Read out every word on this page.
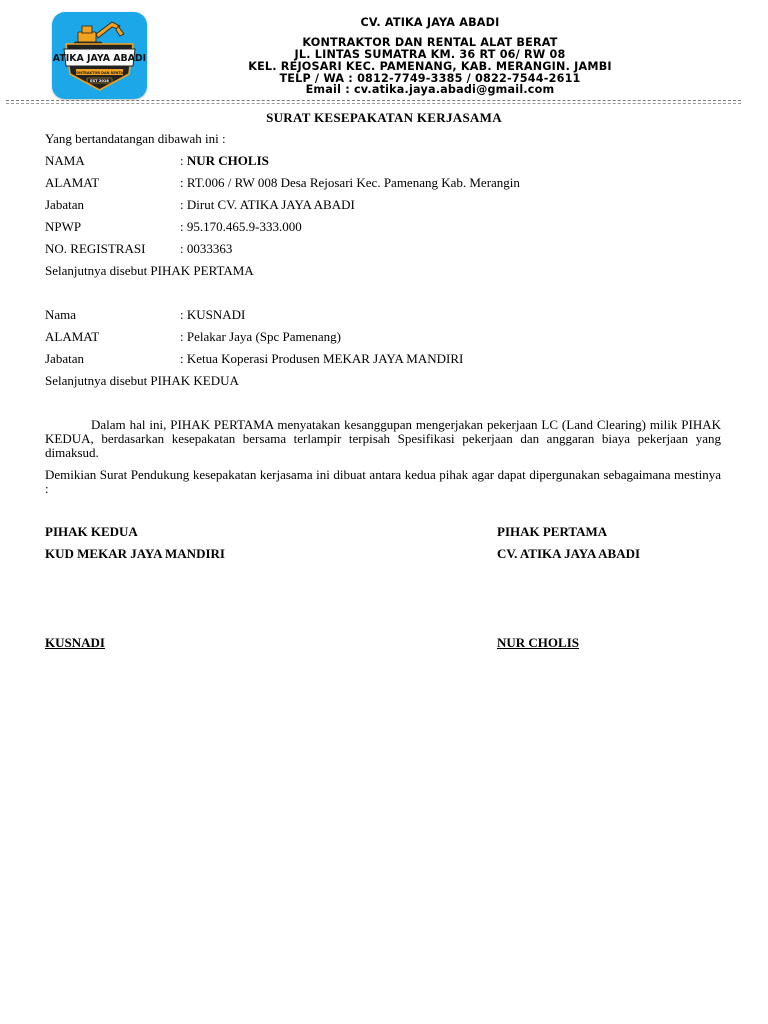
ATIKA JAYA ABADI
KONTRAKTOR DAN RENTAL
EST 2018
CV. ATIKA JAYA ABADI
KONTRAKTOR DAN RENTAL ALAT BERAT
JL. LINTAS SUMATRA KM. 36 RT 06/ RW 08
KEL. REJOSARI KEC. PAMENANG, KAB. MERANGIN. JAMBI
TELP / WA : 0812-7749-3385 / 0822-7544-2611
Email : cv.atika.jaya.abadi@gmail.com
SURAT KESEPAKATAN KERJASAMA
Yang bertandatangan dibawah ini :
NAMA	: NUR CHOLIS
ALAMAT	: RT.006 / RW 008 Desa Rejosari Kec. Pamenang Kab. Merangin
Jabatan	: Dirut CV. ATIKA JAYA ABADI
NPWP	: 95.170.465.9-333.000
NO. REGISTRASI	: 0033363
Selanjutnya disebut PIHAK PERTAMA
Nama	: KUSNADI
ALAMAT	: Pelakar Jaya (Spc Pamenang)
Jabatan	: Ketua Koperasi Produsen MEKAR JAYA MANDIRI
Selanjutnya disebut PIHAK KEDUA
Dalam hal ini, PIHAK PERTAMA menyatakan kesanggupan mengerjakan pekerjaan LC (Land Clearing) milik PIHAK KEDUA, berdasarkan kesepakatan bersama terlampir terpisah Spesifikasi pekerjaan dan anggaran biaya pekerjaan yang dimaksud.
Demikian Surat Pendukung kesepakatan kerjasama ini dibuat antara kedua pihak agar dapat dipergunakan sebagaimana mestinya :
PIHAK KEDUA	PIHAK PERTAMA
KUD MEKAR JAYA MANDIRI	CV. ATIKA JAYA ABADI
KUSNADI	NUR CHOLIS
